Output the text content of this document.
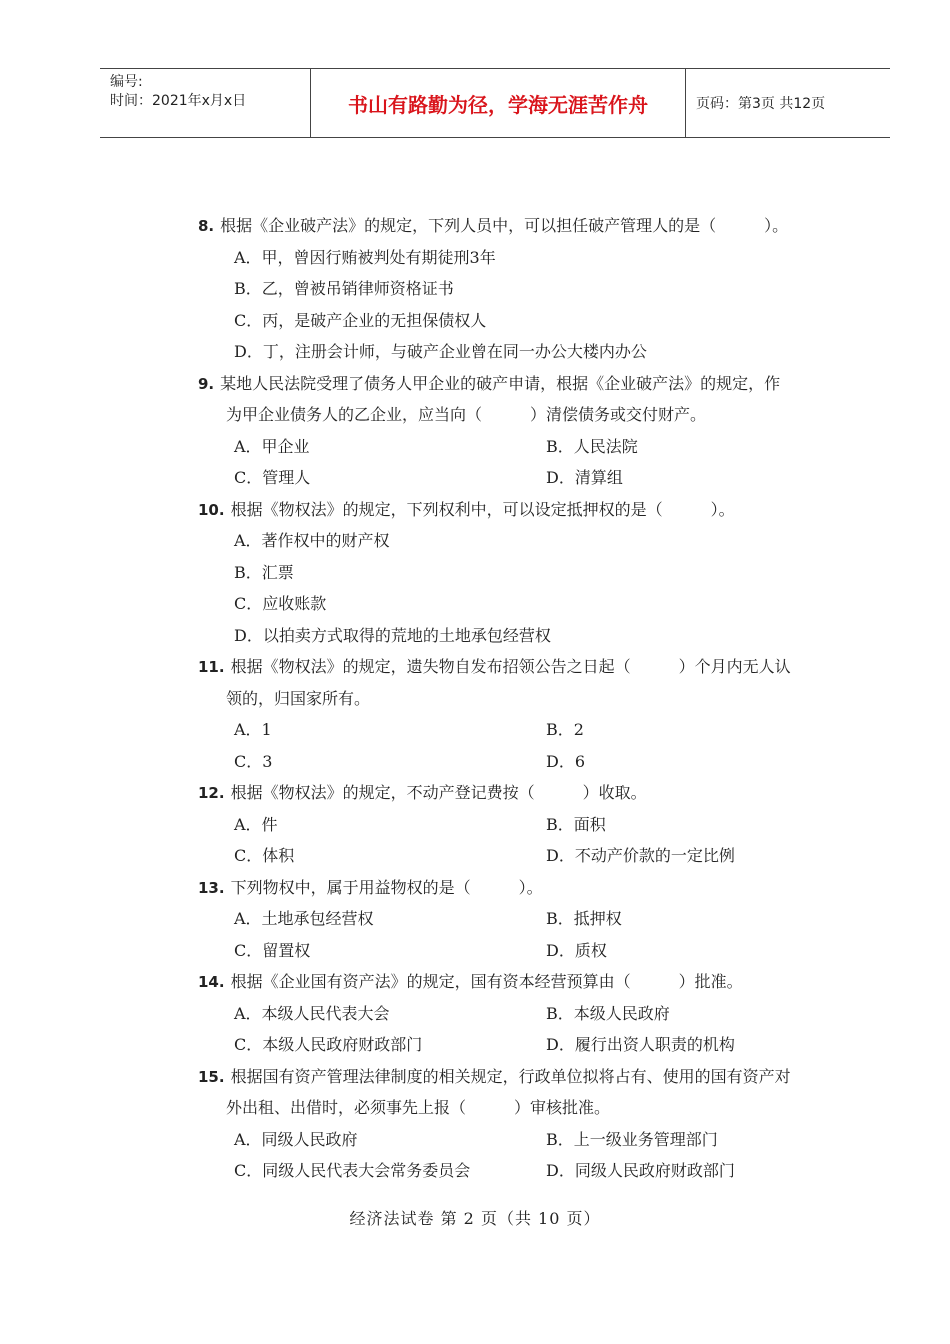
编号:
时间：2021年x月x日	书山有路勤为径，学海无涯苦作舟	页码：第3页 共12页
8. 根据《企业破产法》的规定，下列人员中，可以担任破产管理人的是（　　　）。
A．甲，曾因行贿被判处有期徒刑3年
B．乙，曾被吊销律师资格证书
C．丙，是破产企业的无担保债权人
D．丁，注册会计师，与破产企业曾在同一办公大楼内办公
9. 某地人民法院受理了债务人甲企业的破产申请，根据《企业破产法》的规定，作
为甲企业债务人的乙企业，应当向（　　　）清偿债务或交付财产。
A．甲企业	B．人民法院
C．管理人	D．清算组
10. 根据《物权法》的规定，下列权利中，可以设定抵押权的是（　　　）。
A．著作权中的财产权
B．汇票
C．应收账款
D．以拍卖方式取得的荒地的土地承包经营权
11. 根据《物权法》的规定，遗失物自发布招领公告之日起（　　　）个月内无人认
领的，归国家所有。
A．1	B．2
C．3	D．6
12. 根据《物权法》的规定，不动产登记费按（　　　）收取。
A．件	B．面积
C．体积	D．不动产价款的一定比例
13. 下列物权中，属于用益物权的是（　　　）。
A．土地承包经营权	B．抵押权
C．留置权	D．质权
14. 根据《企业国有资产法》的规定，国有资本经营预算由（　　　）批准。
A．本级人民代表大会	B．本级人民政府
C．本级人民政府财政部门	D．履行出资人职责的机构
15. 根据国有资产管理法律制度的相关规定，行政单位拟将占有、使用的国有资产对
外出租、出借时，必须事先上报（　　　）审核批准。
A．同级人民政府	B．上一级业务管理部门
C．同级人民代表大会常务委员会	D．同级人民政府财政部门
经济法试卷 第 2 页（共 10 页）
